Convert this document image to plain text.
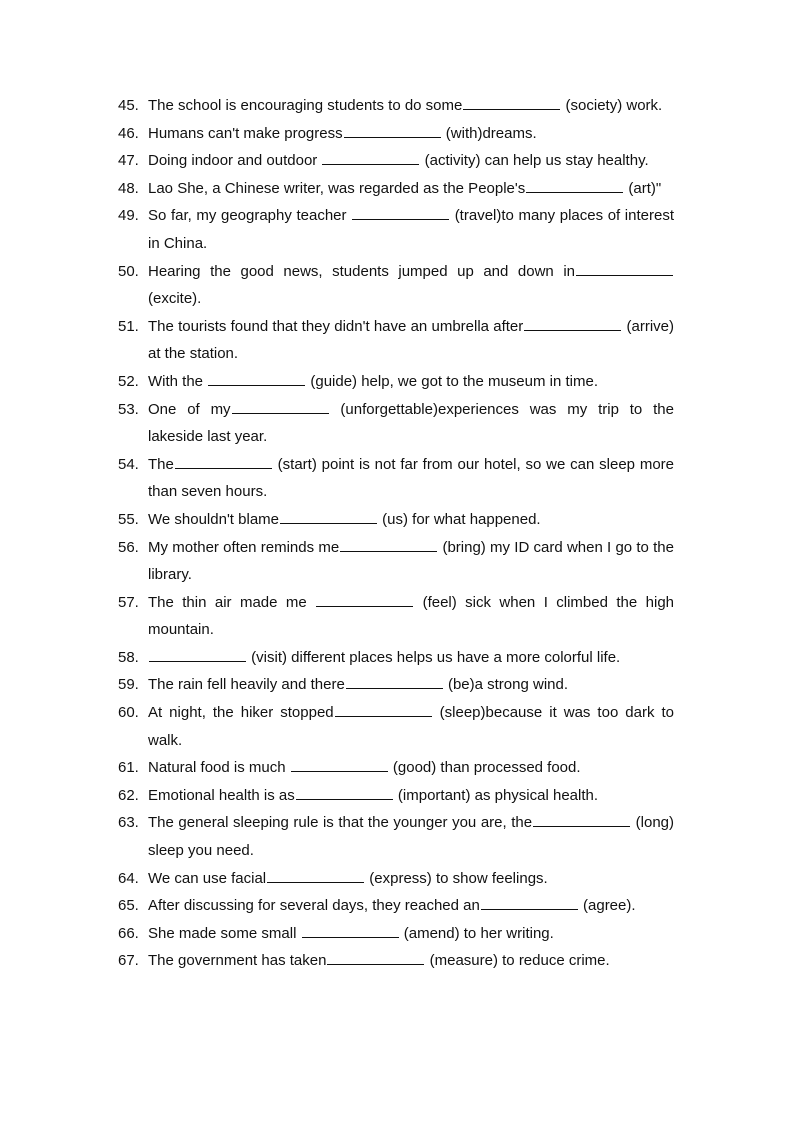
45. The school is encouraging students to do some	(society) work.
46. Humans can't make progress	(with)dreams.
47. Doing indoor and outdoor	(activity) can help us stay healthy.
48. Lao She, a Chinese writer, was regarded as the People's	(art)"
49. So far, my geography teacher	(travel)to many places of interest in China.
50. Hearing the good news, students jumped up and down in (excite).
51. The tourists found that they didn't have an umbrella after	(arrive) at the station.
52. With the	(guide) help, we got to the museum in time.
53. One of my	(unforgettable)experiences was my trip to the lakeside last year.
54. The	(start) point is not far from our hotel, so we can sleep more than seven hours.
55. We shouldn't blame	(us) for what happened.
56. My mother often reminds me	(bring) my ID card when I go to the library.
57. The thin air made me	(feel) sick when I climbed the high mountain.
58.	(visit) different places helps us have a more colorful life.
59. The rain fell heavily and there	(be)a strong wind.
60. At night, the hiker stopped	(sleep)because it was too dark to walk.
61. Natural food is much	(good) than processed food.
62. Emotional health is as	(important) as physical health.
63. The general sleeping rule is that the younger you are, the	(long) sleep you need.
64. We can use facial	(express) to show feelings.
65. After discussing for several days, they reached an	(agree).
66. She made some small	(amend) to her writing.
67. The government has taken	(measure) to reduce crime.
